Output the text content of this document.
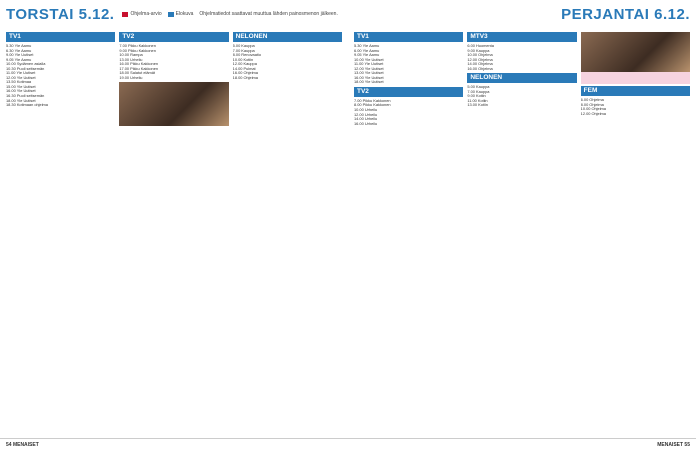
TORSTAI 5.12.	Ohjelma-arvio	Elokuva Ohjelmatiedot saattavat muuttua lähden painosmenon jälkeen.
TV1
5.30 Yle Aamu
6.30 Yle Aamu
9.00 Yle Uutiset
9.05 Yle Aamu
10.00 Sydämen asialla
10.30 Puoli seitsemän
11.00 Yle Uutiset
12.00 Yle Uutiset
13.50 Kotimaa
15.00 Yle Uutiset
16.00 Yle Uutiset
16.30 Puoli seitsemän
18.00 Yle Uutiset
18.30 Kotimaan ohjelma
TV2
7.00 Pikku Kakkonen
9.00 Pikku Kakkonen
10.00 Rampa
13.00 Urheilu
16.00 Pikku Kakkonen
17.00 Pikku Kakkonen
18.00 Salatut elämät
19.00 Urheilu
NELONEN
5.00 Kauppa
7.00 Kauppa
8.00 Renovaatio
10.00 Kotiin
12.00 Kauppa
14.00 Pulmat
16.00 Ohjelma
18.00 Ohjelma
54 MENAISET
PERJANTAI 6.12.
TV1
5.30 Yle Aamu
6.00 Yle Aamu
9.05 Yle Aamu
10.00 Yle Uutiset
11.00 Yle Uutiset
12.00 Yle Uutiset
13.00 Yle Uutiset
16.00 Yle Uutiset
18.00 Yle Uutiset
TV2
7.00 Pikku Kakkonen
8.00 Pikku Kakkonen
10.00 Urheilu
12.00 Urheilu
14.00 Urheilu
16.00 Urheilu
MTV3
6.00 Huomenta
9.00 Kauppa
10.00 Ohjelma
12.00 Ohjelma
14.00 Ohjelma
16.00 Ohjelma
NELONEN
5.00 Kauppa
7.00 Kauppa
9.00 Kotiin
11.00 Kotiin
13.00 Kotiin
FEM
6.00 Ohjelma
8.00 Ohjelma
10.00 Ohjelma
12.00 Ohjelma
MENAISET 55
